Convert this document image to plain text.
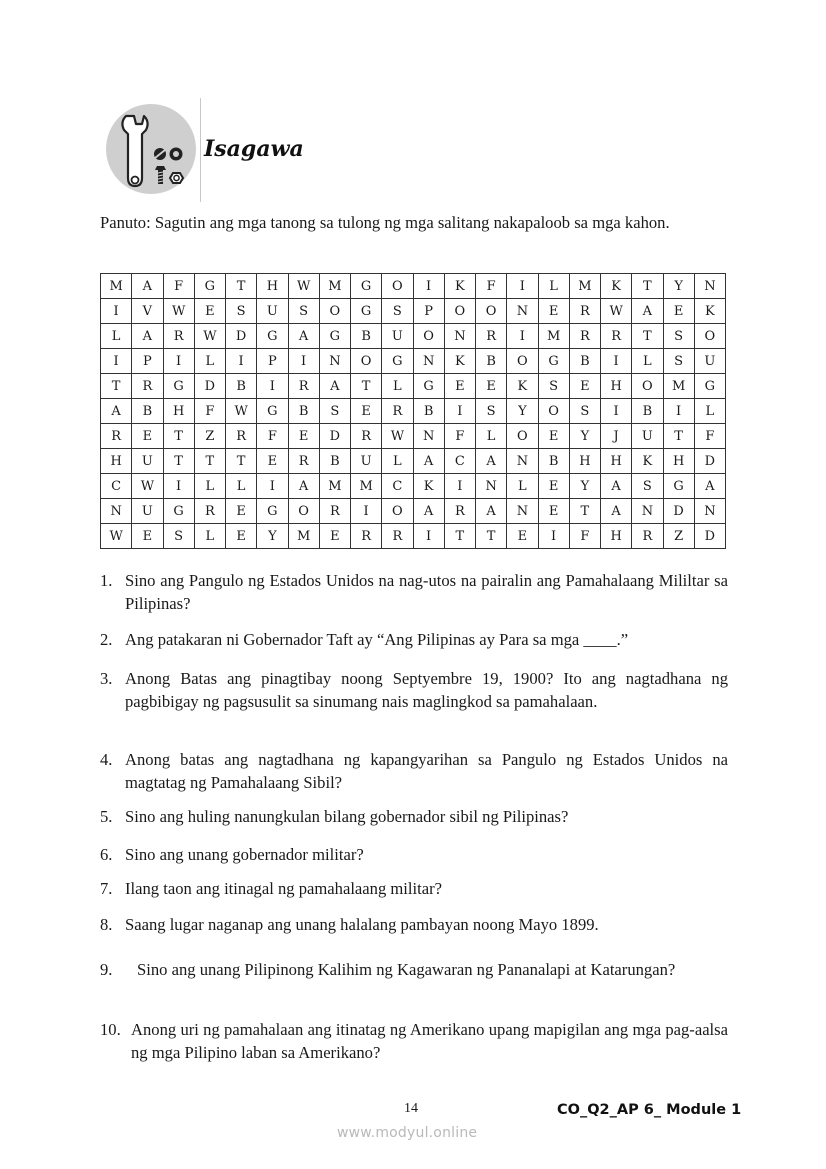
Isagawa
Panuto: Sagutin ang mga tanong sa tulong ng mga salitang nakapaloob sa mga kahon.
M	A	F	G	T	H	W	M	G	O	I	K	F	I	L	M	K	T	Y	N
I	V	W	E	S	U	S	O	G	S	P	O	O	N	E	R	W	A	E	K
L	A	R	W	D	G	A	G	B	U	O	N	R	I	M	R	R	T	S	O
I	P	I	L	I	P	I	N	O	G	N	K	B	O	G	B	I	L	S	U
T	R	G	D	B	I	R	A	T	L	G	E	E	K	S	E	H	O	M	G
A	B	H	F	W	G	B	S	E	R	B	I	S	Y	O	S	I	B	I	L
R	E	T	Z	R	F	E	D	R	W	N	F	L	O	E	Y	J	U	T	F
H	U	T	T	T	E	R	B	U	L	A	C	A	N	B	H	H	K	H	D
C	W	I	L	L	I	A	M	M	C	K	I	N	L	E	Y	A	S	G	A
N	U	G	R	E	G	O	R	I	O	A	R	A	N	E	T	A	N	D	N
W	E	S	L	E	Y	M	E	R	R	I	T	T	E	I	F	H	R	Z	D
1. Sino ang Pangulo ng Estados Unidos na nag-utos na pairalin ang Pamahalaang Mililtar sa Pilipinas?
2. Ang patakaran ni Gobernador Taft ay “Ang Pilipinas ay Para sa mga ____.”
3. Anong Batas ang pinagtibay noong Septyembre 19, 1900? Ito ang nagtadhana ng pagbibigay ng pagsusulit sa sinumang nais maglingkod sa pamahalaan.
4. Anong batas ang nagtadhana ng kapangyarihan sa Pangulo ng Estados Unidos na magtatag ng Pamahalaang Sibil?
5. Sino ang huling nanungkulan bilang gobernador sibil ng Pilipinas?
6. Sino ang unang gobernador militar?
7. Ilang taon ang itinagal ng pamahalaang militar?
8. Saang lugar naganap ang unang halalang pambayan noong Mayo 1899.
9. Sino ang unang Pilipinong Kalihim ng Kagawaran ng Pananalapi at Katarungan?
10. Anong uri ng pamahalaan ang itinatag ng Amerikano upang mapigilan ang mga pag-aalsa ng mga Pilipino laban sa Amerikano?
14	CO_Q2_AP 6_ Module 1
www.modyul.online
